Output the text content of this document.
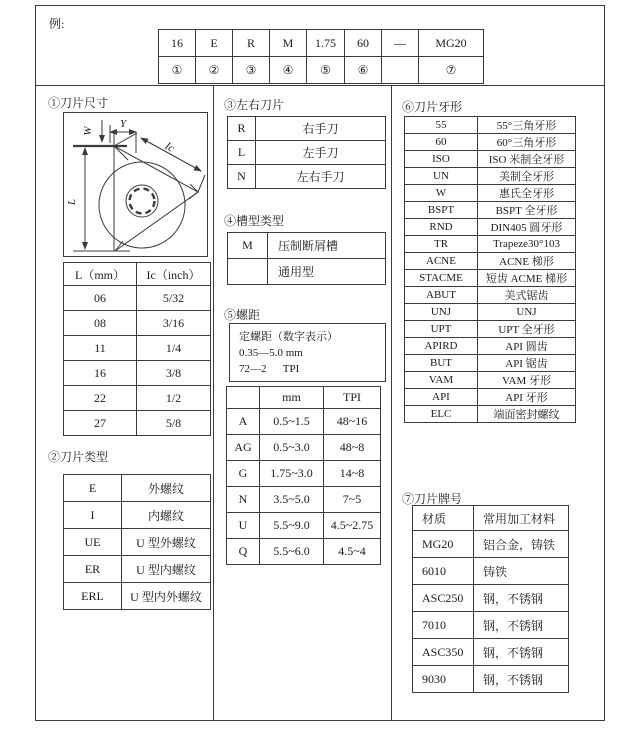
例:
16	E	R	M	1.75	60	—	MG20
①	②	③	④	⑤	⑥		⑦
①刀片尺寸
L
Y
W
Ic
L（mm）	Ic（inch）
06	5/32
08	3/16
11	1/4
16	3/8
22	1/2
27	5/8
②刀片类型
E	外螺纹
I	内螺纹
UE	U 型外螺纹
ER	U 型内螺纹
ERL	U 型内外螺纹
③左右刀片
R	右手刀
L	左手刀
N	左右手刀
④槽型类型
M	压制断屑槽
	通用型
⑤螺距
定螺距（数字表示）
0.35—5.0 mm
72—2      TPI
	mm	TPI
A	0.5~1.5	48~16
AG	0.5~3.0	48~8
G	1.75~3.0	14~8
N	3.5~5.0	7~5
U	5.5~9.0	4.5~2.75
Q	5.5~6.0	4.5~4
⑥刀片牙形
55	55°三角牙形
60	60°三角牙形
ISO	ISO 米制全牙形
UN	美制全牙形
W	惠氏全牙形
BSPT	BSPT 全牙形
RND	DIN405 圆牙形
TR	Trapeze30°103
ACNE	ACNE 梯形
STACME	短齿 ACME 梯形
ABUT	美式锯齿
UNJ	UNJ
UPT	UPT 全牙形
APIRD	API 圆齿
BUT	API 锯齿
VAM	VAM 牙形
API	API 牙形
ELC	端面密封螺纹
⑦刀片牌号
材质	常用加工材料
MG20	铝合金，铸铁
6010	铸铁
ASC250	钢，不锈钢
7010	钢，不锈钢
ASC350	钢，不锈钢
9030	钢，不锈钢
